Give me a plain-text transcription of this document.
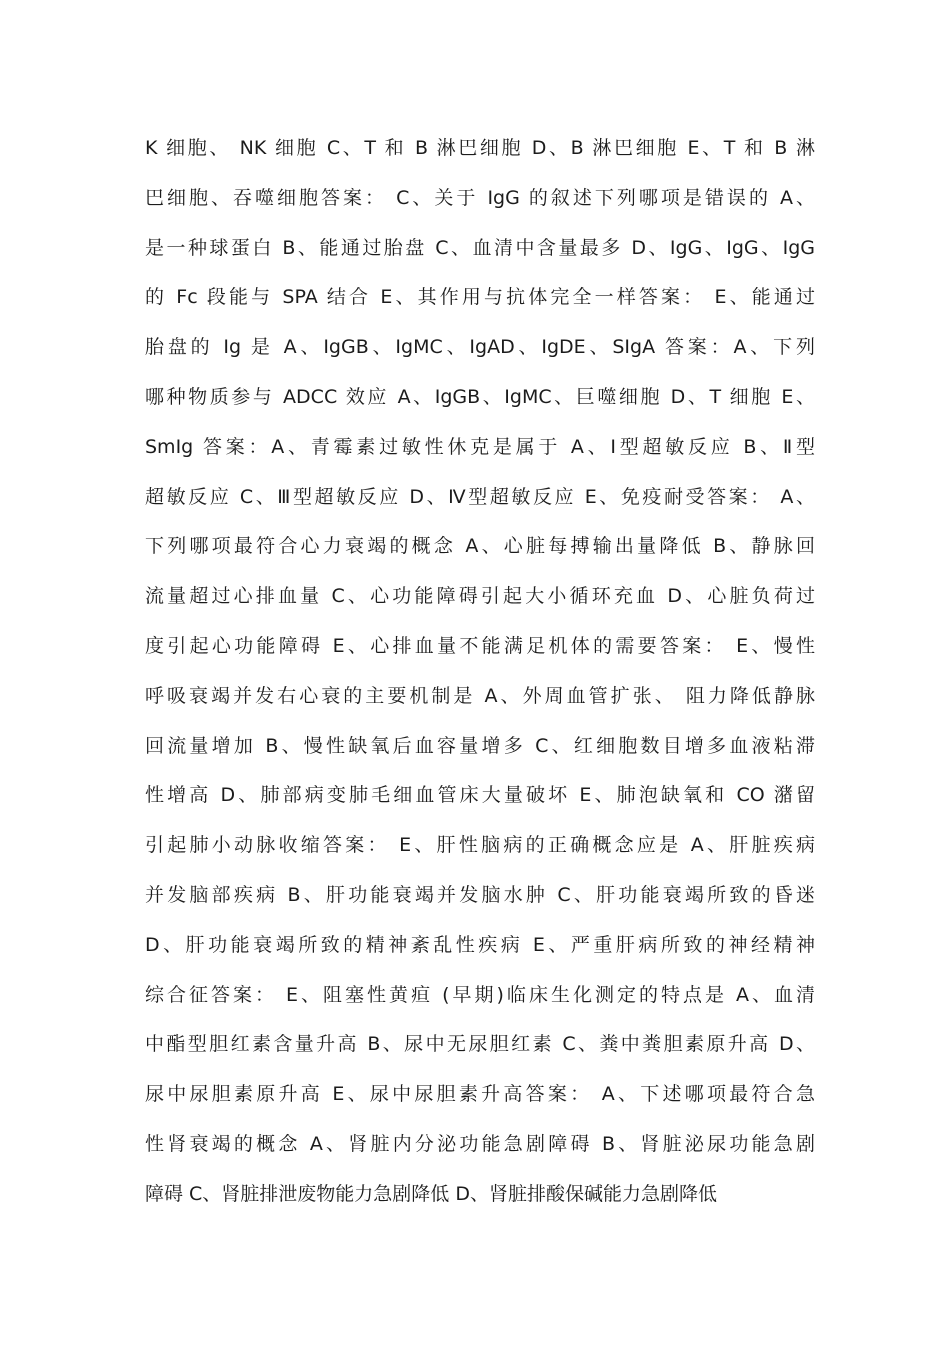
K 细胞、 NK 细胞 C、T 和 B 淋巴细胞 D、B 淋巴细胞 E、T 和 B 淋
巴细胞、吞噬细胞答案： C、关于 IgG 的叙述下列哪项是错误的 A、
是一种球蛋白 B、能通过胎盘 C、血清中含量最多 D、IgG、IgG、IgG
的 Fc 段能与 SPA 结合 E、其作用与抗体完全一样答案： E、能通过
胎盘的 Ig 是 A、IgGB、IgMC、IgAD、IgDE、SIgA 答案：A、下列
哪种物质参与 ADCC 效应 A、IgGB、IgMC、巨噬细胞 D、T 细胞 E、
SmIg 答案：A、青霉素过敏性休克是属于 A、Ⅰ型超敏反应 B、Ⅱ型
超敏反应 C、Ⅲ型超敏反应 D、Ⅳ型超敏反应 E、免疫耐受答案： A、
下列哪项最符合心力衰竭的概念 A、心脏每搏输出量降低 B、静脉回
流量超过心排血量 C、心功能障碍引起大小循环充血 D、心脏负荷过
度引起心功能障碍 E、心排血量不能满足机体的需要答案： E、慢性
呼吸衰竭并发右心衰的主要机制是 A、外周血管扩张、 阻力降低静脉
回流量增加 B、慢性缺氧后血容量增多 C、红细胞数目增多血液粘滞
性增高 D、肺部病变肺毛细血管床大量破坏 E、肺泡缺氧和 CO 潴留
引起肺小动脉收缩答案： E、肝性脑病的正确概念应是 A、肝脏疾病
并发脑部疾病 B、肝功能衰竭并发脑水肿 C、肝功能衰竭所致的昏迷
D、肝功能衰竭所致的精神紊乱性疾病 E、严重肝病所致的神经精神
综合征答案： E、阻塞性黄疸 (早期)临床生化测定的特点是 A、血清
中酯型胆红素含量升高 B、尿中无尿胆红素 C、粪中粪胆素原升高 D、
尿中尿胆素原升高 E、尿中尿胆素升高答案： A、下述哪项最符合急
性肾衰竭的概念 A、肾脏内分泌功能急剧障碍 B、肾脏泌尿功能急剧
障碍 C、肾脏排泄废物能力急剧降低 D、肾脏排酸保碱能力急剧降低
